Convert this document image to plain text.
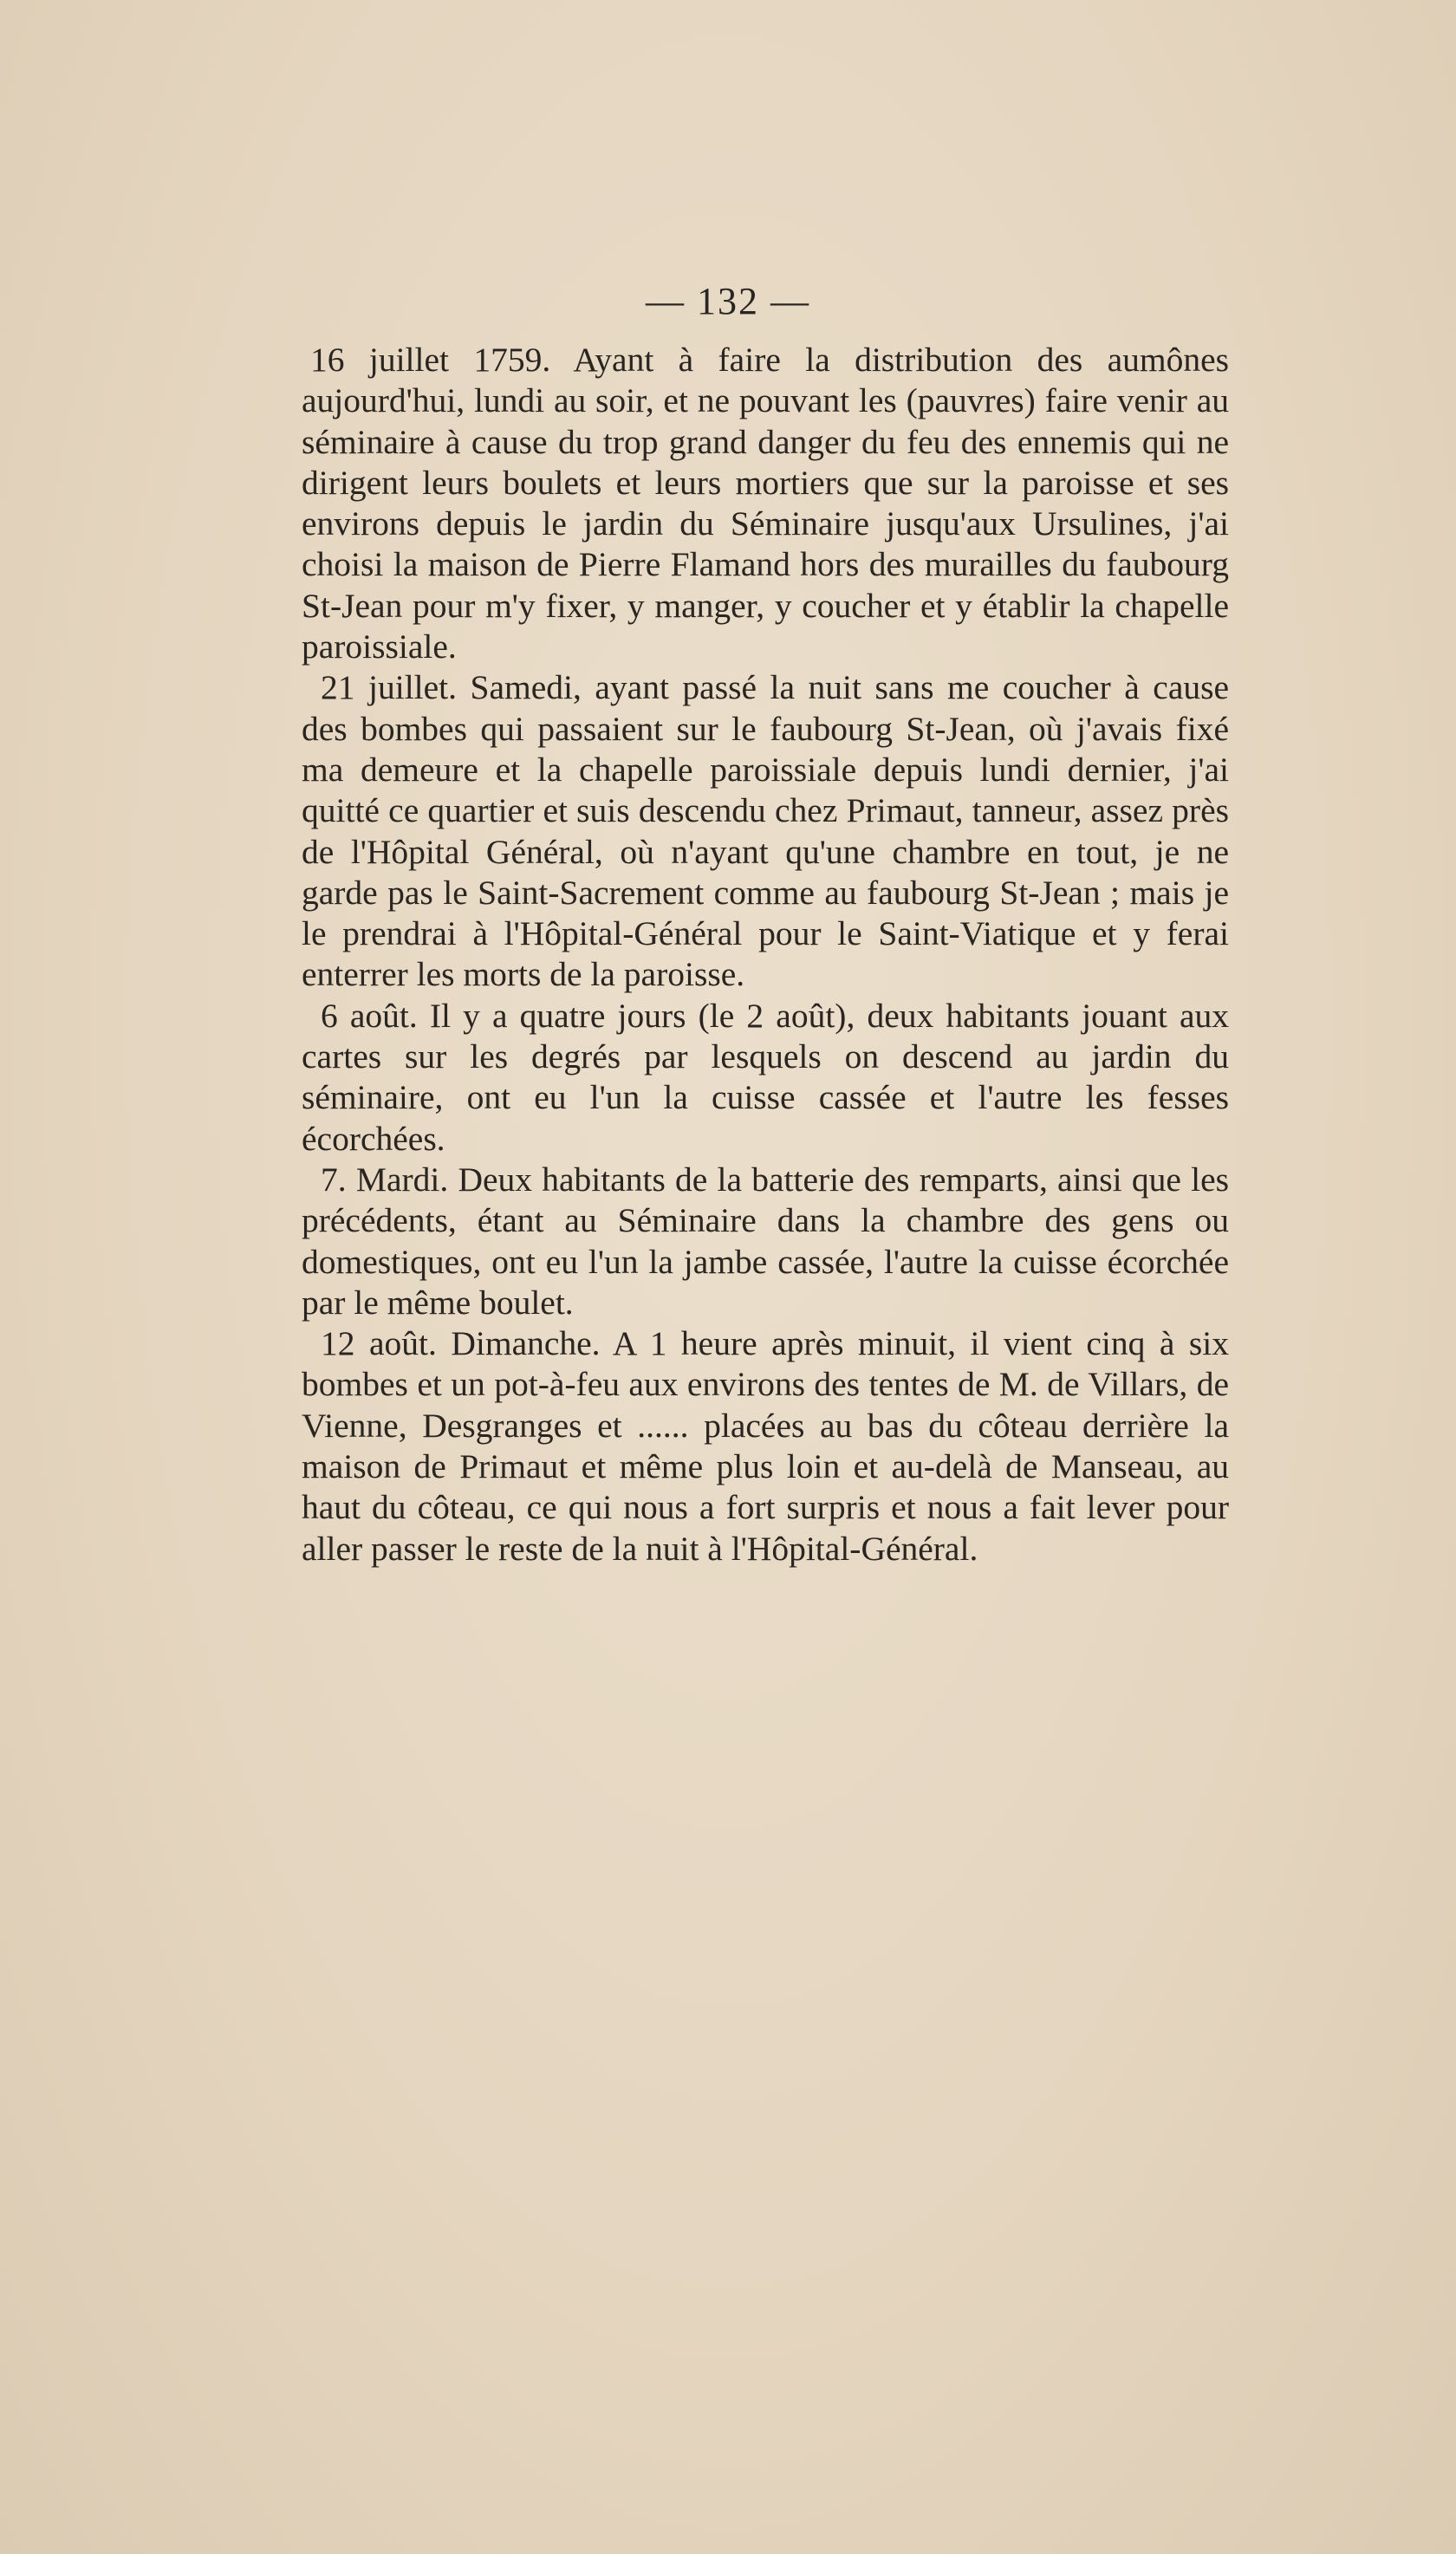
— 132 —

16 juillet 1759. Ayant à faire la distribution des aumônes aujourd'hui, lundi au soir, et ne pouvant les (pauvres) faire venir au séminaire à cause du trop grand danger du feu des ennemis qui ne dirigent leurs boulets et leurs mortiers que sur la paroisse et ses environs depuis le jardin du Séminaire jusqu'aux Ursulines, j'ai choisi la maison de Pierre Flamand hors des murailles du faubourg St-Jean pour m'y fixer, y manger, y coucher et y établir la chapelle paroissiale.

21 juillet. Samedi, ayant passé la nuit sans me coucher à cause des bombes qui passaient sur le faubourg St-Jean, où j'avais fixé ma demeure et la chapelle paroissiale depuis lundi dernier, j'ai quitté ce quartier et suis descendu chez Primaut, tanneur, assez près de l'Hôpital Général, où n'ayant qu'une chambre en tout, je ne garde pas le Saint-Sacrement comme au faubourg St-Jean ; mais je le prendrai à l'Hôpital-Général pour le Saint-Viatique et y ferai enterrer les morts de la paroisse.

6 août. Il y a quatre jours (le 2 août), deux habitants jouant aux cartes sur les degrés par lesquels on descend au jardin du séminaire, ont eu l'un la cuisse cassée et l'autre les fesses écorchées.

7. Mardi. Deux habitants de la batterie des remparts, ainsi que les précédents, étant au Séminaire dans la chambre des gens ou domestiques, ont eu l'un la jambe cassée, l'autre la cuisse écorchée par le même boulet.

12 août. Dimanche. A 1 heure après minuit, il vient cinq à six bombes et un pot-à-feu aux environs des tentes de M. de Villars, de Vienne, Desgranges et ...... placées au bas du côteau derrière la maison de Primaut et même plus loin et au-delà de Manseau, au haut du côteau, ce qui nous a fort surpris et nous a fait lever pour aller passer le reste de la nuit à l'Hôpital-Général.
